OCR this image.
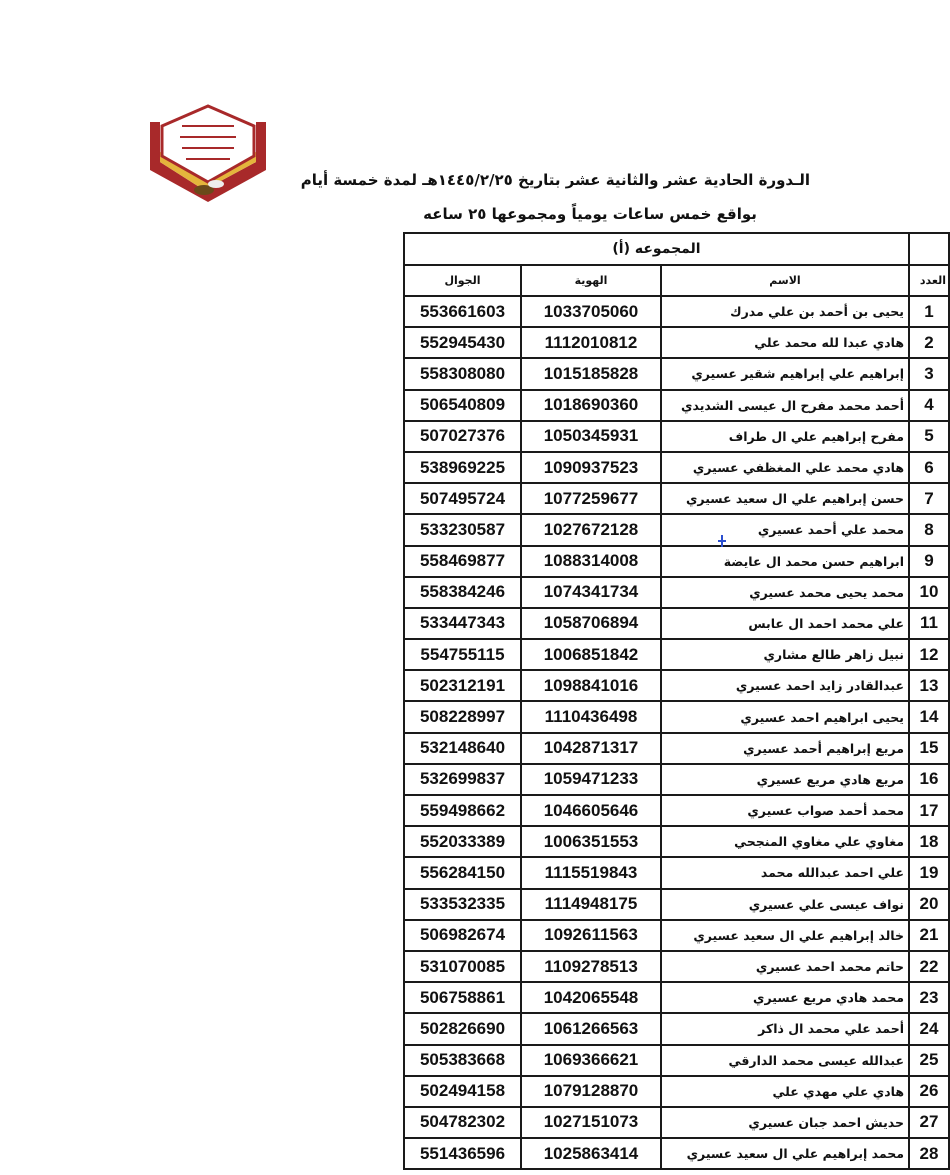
الـدورة الحادية عشر والثانية عشر بتاريخ ١٤٤٥/٢/٢٥هـ لمدة خمسة أيام
بواقع خمس ساعات يومياً ومجموعها ٢٥ ساعه
	المجموعه (أ)		
العدد	الاسم	الهوية	الجوال
1	يحيى بن أحمد بن علي مدرك	1033705060	553661603
2	هادي عبدا لله محمد علي	1112010812	552945430
3	إبراهيم علي إبراهيم شقير عسيري	1015185828	558308080
4	أحمد محمد مفرح ال عيسى الشديدي	1018690360	506540809
5	مفرح إبراهيم علي ال طراف	1050345931	507027376
6	هادي محمد علي المغظفي عسيري	1090937523	538969225
7	حسن إبراهيم علي ال سعيد عسيري	1077259677	507495724
8	محمد علي أحمد عسيري	1027672128	533230587
9	ابراهيم حسن محمد ال عايضة	1088314008	558469877
10	محمد يحيى محمد عسيري	1074341734	558384246
11	علي محمد احمد ال عابس	1058706894	533447343
12	نبيل زاهر طالع مشاري	1006851842	554755115
13	عبدالقادر زايد احمد عسيري	1098841016	502312191
14	يحيى ابراهيم احمد عسيري	1110436498	508228997
15	مريع إبراهيم أحمد عسيري	1042871317	532148640
16	مريع هادي مريع عسيري	1059471233	532699837
17	محمد أحمد صواب عسيري	1046605646	559498662
18	مغاوي علي مغاوي المنجحي	1006351553	552033389
19	علي احمد عبدالله محمد	1115519843	556284150
20	نواف عيسى علي عسيري	1114948175	533532335
21	خالد إبراهيم علي ال سعيد عسيري	1092611563	506982674
22	حاتم محمد احمد عسيري	1109278513	531070085
23	محمد هادي مريع عسيري	1042065548	506758861
24	أحمد علي محمد ال ذاكر	1061266563	502826690
25	عبدالله عيسى محمد الدارقي	1069366621	505383668
26	هادي علي مهدي علي	1079128870	502494158
27	حديش احمد جبان عسيري	1027151073	504782302
28	محمد إبراهيم علي ال سعيد عسيري	1025863414	551436596
